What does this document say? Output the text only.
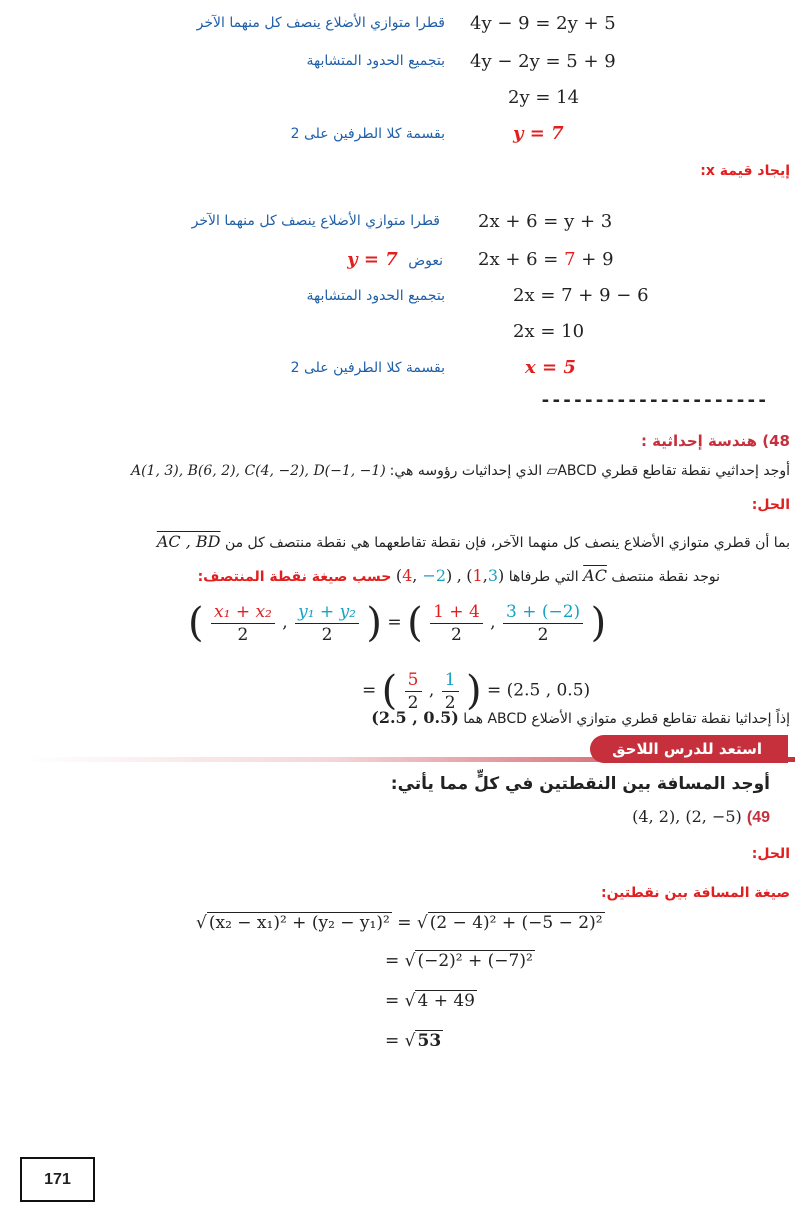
قطرا متوازي الأضلاع ينصف كل منهما الآخر 4y − 9 = 2y + 5
بتجميع الحدود المتشابهة 4y − 2y = 5 + 9
2y = 14
بقسمة كلا الطرفين على 2	y = 7
إيجاد قيمة x:
قطرا متوازي الأضلاع ينصف كل منهما الآخر 2x + 6 = y + 3
نعوض y = 7	2x + 6 = 7 + 9
بتجميع الحدود المتشابهة	2x = 7 + 9 − 6
2x = 10
بقسمة كلا الطرفين على 2	x = 5
---------------------
48) هندسة إحداثية :
أوجد إحداثيي نقطة تقاطع قطري ABCD▱ الذي إحداثيات رؤوسه هي: A(1, 3), B(6, 2), C(4, −2), D(−1, −1)
الحل:
بما أن قطري متوازي الأضلاع ينصف كل منهما الآخر، فإن نقطة تقاطعهما هي نقطة منتصف كل من AC , BD
نوجد نقطة منتصف AC التي طرفاها (4, −2) , (1,3) حسب صيغة نقطة المنتصف:
( $\frac{\text{x₁ + x₂}}{2}$ , $\frac{\text{y₁ + y₂}}{2}$ ) = ( $\frac{1 + 4}{2}$ , $\frac{3 + (-2)}{2}$ )
= ( $\frac{5}{2}$ , $\frac{1}{2}$ ) = (2.5 , 0.5)
إذاً إحداثيا نقطة تقاطع قطري متوازي الأضلاع ABCD هما (2.5 , 0.5)
استعد للدرس اللاحق
أوجد المسافة بين النقطتين في كلٍّ مما يأتي:
(4, 2), (2, −5) (49
الحل:
صيغة المسافة بين نقطتين:
√ (x₂ − x₁)² + (y₂ − y₁)² = √ (2 − 4)² + (−5 − 2)²
= √ (−2)² + (−7)²
= √ 4 + 49
= √ 53
171
